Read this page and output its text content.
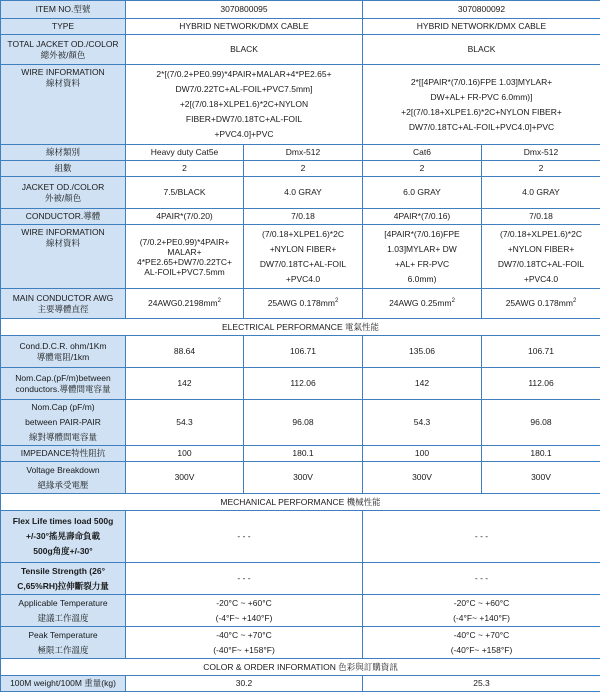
ITEM NO.型號	3070800095		3070800092	
TYPE	HYBRID NETWORK/DMX CABLE		HYBRID NETWORK/DMX CABLE	

TOTAL JACKET OD./COLOR
總外被/顏色	BLACK		BLACK	

WIRE INFORMATION
線材資料	2*[(7/0.2+PE0.99)*4PAIR+MALAR+4*PE2.65+
DW7/0.22TC+AL-FOIL+PVC7.5mm]
+2[(7/0.18+XLPE1.6)*2C+NYLON
FIBER+DW7/0.18TC+AL-FOIL
+PVC4.0]+PVC		2*[[4PAIR*(7/0.16)FPE 1.03]MYLAR+
DW+AL+ FR-PVC 6.0mm)]
+2[(7/0.18+XLPE1.6)*2C+NYLON FIBER+
DW7/0.18TC+AL-FOIL+PVC4.0]+PVC	

線材類別	Heavy duty Cat5e	Dmx-512	Cat6	Dmx-512
組數	2	2	2	2

JACKET OD./COLOR
外被/顏色	7.5/BLACK	4.0 GRAY	6.0 GRAY	4.0 GRAY
CONDUCTOR.導體	4PAIR*(7/0.20)	7/0.18	4PAIR*(7/0.16)	7/0.18

WIRE INFORMATION
線材資料	(7/0.2+PE0.99)*4PAIR+
MALAR+
4*PE2.65+DW7/0.22TC+
AL-FOIL+PVC7.5mm	(7/0.18+XLPE1.6)*2C
+NYLON FIBER+
DW7/0.18TC+AL-FOIL
+PVC4.0	[4PAIR*(7/0.16)FPE
1.03]MYLAR+ DW
+AL+ FR-PVC
6.0mm)	(7/0.18+XLPE1.6)*2C
+NYLON FIBER+
DW7/0.18TC+AL-FOIL
+PVC4.0

MAIN CONDUCTOR AWG
主要導體直徑	$24AWG0.2198mm^2$	25AWG $0.178mm^2$	24AWG $0.25mm^2$	25AWG $0.178mm^2$
ELECTRICAL PERFORMANCE 電氣性能				

Cond.D.C.R. ohm/1Km
導體電阻/1km	88.64	106.71	135.06	106.71

Nom.Cap.(pF/m)between
conductors.導體間電容量	142	112.06	142	112.06

Nom.Cap (pF/m)
between PAIR-PAIR
線對導體間電容量	54.3	96.08	54.3	96.08
IMPEDANCE特性阻抗	100	180.1	100	180.1

Voltage Breakdown
絕緣承受電壓	300V	300V	300V	300V
MECHANICAL PERFORMANCE 機械性能				

Flex Life times load 500g
+/-30°搖晃壽命負載
500g角度+/-30°	- - -		- - -	

Tensile Strength (26°
C,65%RH)拉伸斷裂力量	- - -		- - -	

Applicable Temperature
建議工作溫度	-20°C ~ +60°C
(-4°F~ +140°F)		-20°C ~ +60°C
(-4°F~ +140°F)	

Peak Temperature
極限工作溫度	-40°C ~ +70°C
(-40°F~ +158°F)		-40°C ~ +70°C
(-40°F~ +158°F)	

COLOR & ORDER INFORMATION 色彩與訂購資訊				
100M weight/100M 重量(kg)	30.2		25.3	
